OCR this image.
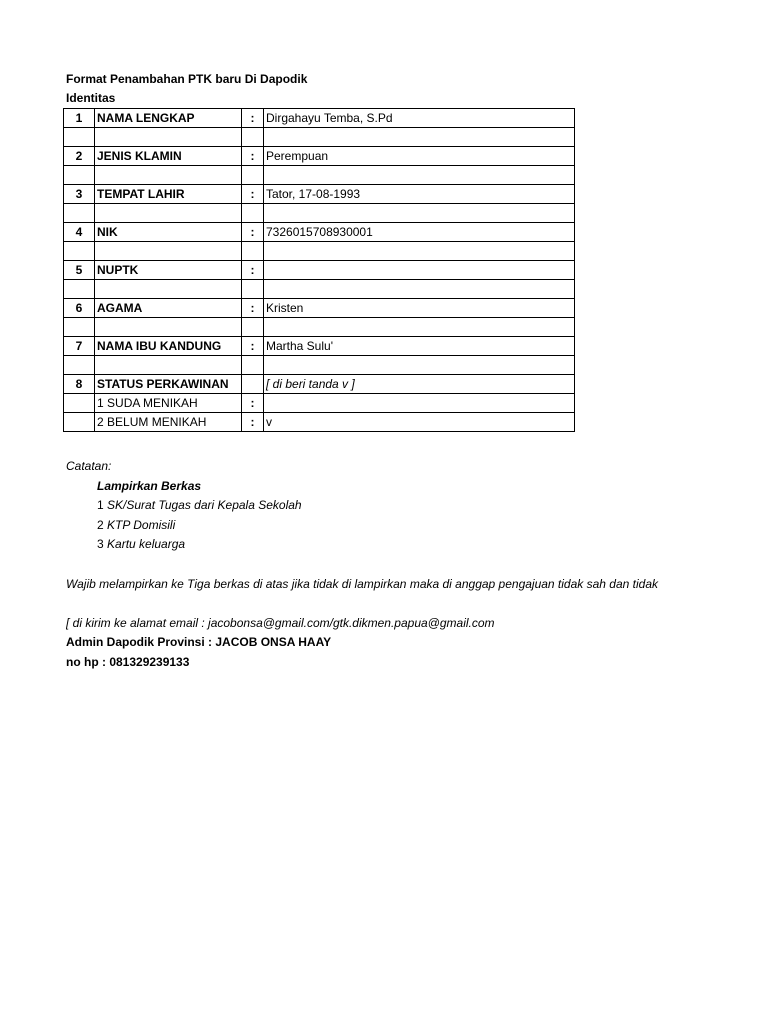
Format Penambahan PTK baru Di Dapodik
Identitas
1	NAMA LENGKAP	:	Dirgahayu Temba, S.Pd

2	JENIS KLAMIN	:	Perempuan

3	TEMPAT LAHIR	:	Tator, 17-08-1993

4	NIK	:	7326015708930001

5	NUPTK	:	

6	AGAMA	:	Kristen

7	NAMA IBU KANDUNG	:	Martha Sulu'

8	STATUS PERKAWINAN		[ di beri tanda v ]
	1 SUDA MENIKAH	:	
	2 BELUM MENIKAH	:	v
Catatan:
Lampirkan Berkas
1 SK/Surat Tugas dari Kepala Sekolah
2 KTP Domisili
3 Kartu keluarga
Wajib melampirkan ke Tiga berkas di atas jika tidak di lampirkan maka di anggap pengajuan tidak sah dan tidak
[ di kirim ke alamat email : jacobonsa@gmail.com/gtk.dikmen.papua@gmail.com
Admin Dapodik Provinsi : JACOB ONSA HAAY
no hp : 081329239133
